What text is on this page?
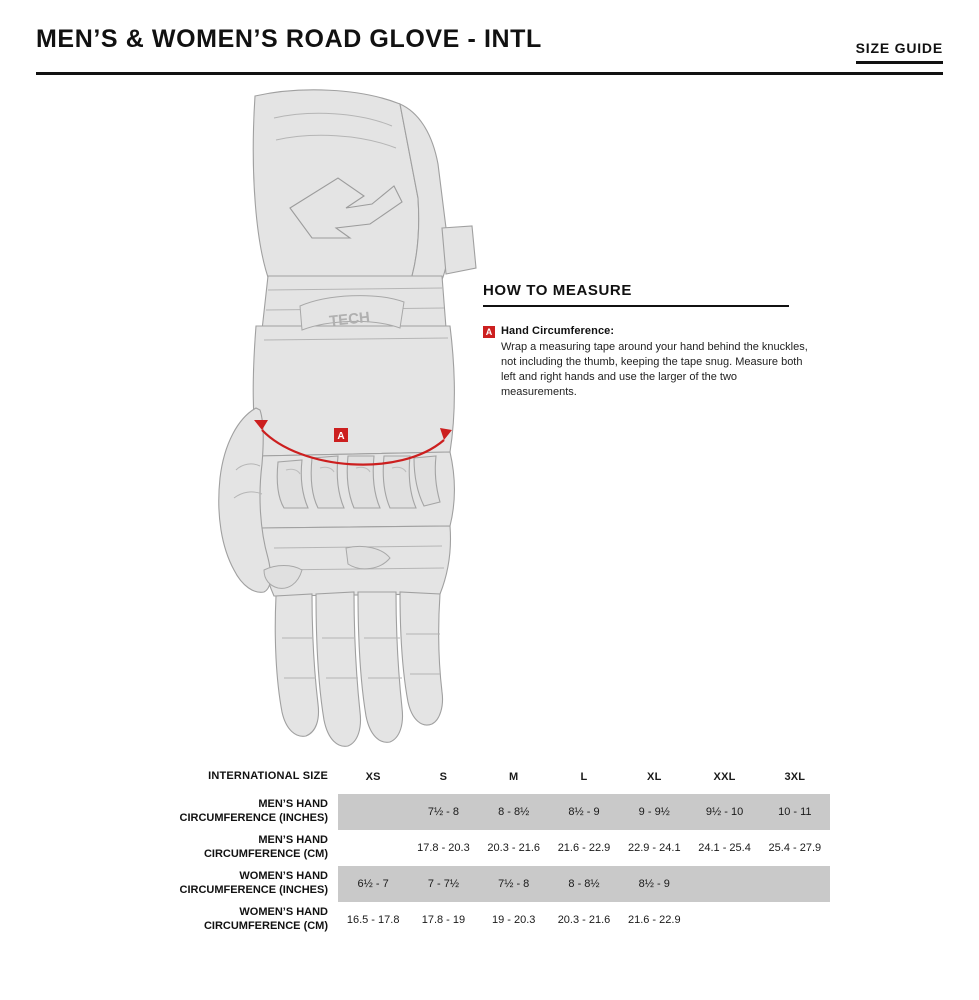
MEN’S & WOMEN’S ROAD GLOVE - INTL	SIZE GUIDE
TECH
A
HOW TO MEASURE
A Hand Circumference:
Wrap a measuring tape around your hand behind the knuckles, not including the thumb, keeping the tape snug. Measure both left and right hands and use the larger of the two measurements.
INTERNATIONAL SIZE	XS	S	M	L	XL	XXL	3XL
MEN’S HAND
CIRCUMFERENCE (INCHES)		7½ - 8	8 - 8½	8½ - 9	9 - 9½	9½ - 10	10 - 11
MEN’S HAND
CIRCUMFERENCE (CM)		17.8 - 20.3	20.3 - 21.6	21.6 - 22.9	22.9 - 24.1	24.1 - 25.4	25.4 - 27.9
WOMEN’S HAND
CIRCUMFERENCE (INCHES)	6½ - 7	7 - 7½	7½ - 8	8 - 8½	8½ - 9		
WOMEN’S HAND
CIRCUMFERENCE (CM)	16.5 - 17.8	17.8 - 19	19 - 20.3	20.3 - 21.6	21.6 - 22.9		
